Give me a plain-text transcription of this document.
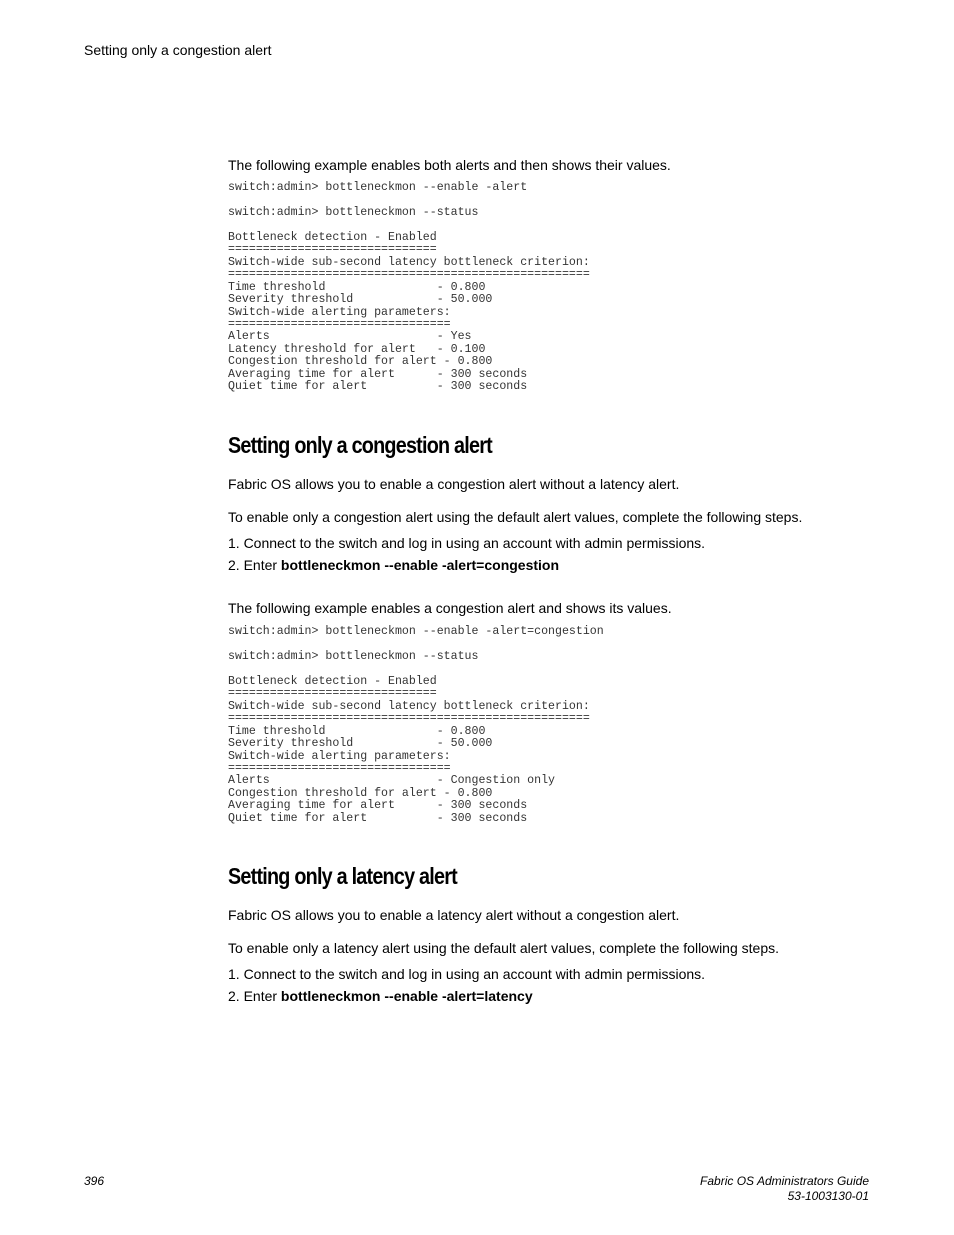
Setting only a congestion alert
The following example enables both alerts and then shows their values.
switch:admin> bottleneckmon --enable -alert

switch:admin> bottleneckmon --status

Bottleneck detection - Enabled
==============================
Switch-wide sub-second latency bottleneck criterion:
====================================================
Time threshold                - 0.800
Severity threshold            - 50.000
Switch-wide alerting parameters:
================================
Alerts                        - Yes
Latency threshold for alert   - 0.100
Congestion threshold for alert - 0.800
Averaging time for alert      - 300 seconds
Quiet time for alert          - 300 seconds
Setting only a congestion alert
Fabric OS allows you to enable a congestion alert without a latency alert.
To enable only a congestion alert using the default alert values, complete the following steps.
1. Connect to the switch and log in using an account with admin permissions.
2. Enter bottleneckmon --enable -alert=congestion
The following example enables a congestion alert and shows its values.
switch:admin> bottleneckmon --enable -alert=congestion

switch:admin> bottleneckmon --status

Bottleneck detection - Enabled
==============================
Switch-wide sub-second latency bottleneck criterion:
====================================================
Time threshold                - 0.800
Severity threshold            - 50.000
Switch-wide alerting parameters:
================================
Alerts                        - Congestion only
Congestion threshold for alert - 0.800
Averaging time for alert      - 300 seconds
Quiet time for alert          - 300 seconds
Setting only a latency alert
Fabric OS allows you to enable a latency alert without a congestion alert.
To enable only a latency alert using the default alert values, complete the following steps.
1. Connect to the switch and log in using an account with admin permissions.
2. Enter bottleneckmon --enable -alert=latency
396	Fabric OS Administrators Guide
53-1003130-01
